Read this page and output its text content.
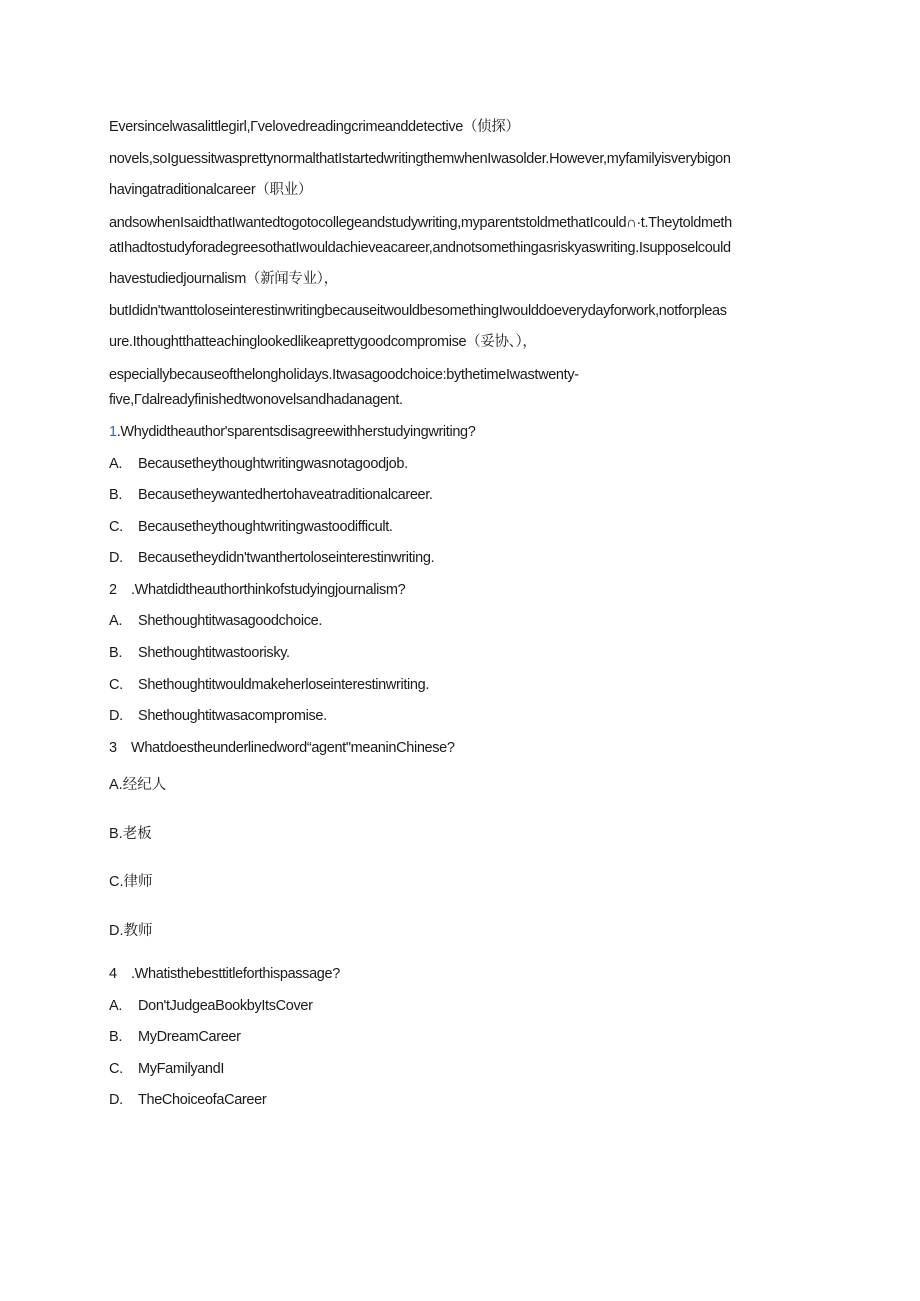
Eversincelwasalittlegirl,Γvelovedreadingcrimeanddetective（侦探）
novels,soIguessitwasprettynormalthatIstartedwritingthemwhenIwasolder.However,myfamilyisverybigon
havingatraditionalcareer（职业）
andsowhenIsaidthatIwantedtogotocollegeandstudywriting,myparentstoldmethatIcould∩·t.Theytoldmeth
atIhadtostudyforadegreesothatIwouldachieveacareer,andnotsomethingasriskyaswriting.Isupposelcould
havestudiedjournalism（新闻专业），
butIdidn'twanttoloseinterestinwritingbecauseitwouldbesomethingIwoulddoeverydayforwork,notforpleas
ure.Ithoughtthatteachinglookedlikeaprettygoodcompromise（妥协、），
especiallybecauseofthelongholidays.Itwasagoodchoice:bythetimeIwastwenty-
five,Γdalreadyfinishedtwonovelsandhadanagent.
1.Whydidtheauthor'sparentsdisagreewithherstudyingwriting?
A. Becausetheythoughtwritingwasnotagoodjob.
B. Becausetheywantedhertohaveatraditionalcareer.
C. Becausetheythoughtwritingwastoodifficult.
D. Becausetheydidn'twanthertoloseinterestinwriting.
2 .Whatdidtheauthorthinkofstudyingjournalism?
A. Shethoughtitwasagoodchoice.
B. Shethoughtitwastoorisky.
C. Shethoughtitwouldmakeherloseinterestinwriting.
D. Shethoughtitwasacompromise.
3 Whatdoestheunderlinedword“agent"meaninChinese?
A.经纪人
B.老板
C.律师
D.教师
4 .Whatisthebesttitleforthispassage?
A. Don'tJudgeaBookbyItsCover
B. MyDreamCareer
C. MyFamilyandI
D. TheChoiceofaCareer
